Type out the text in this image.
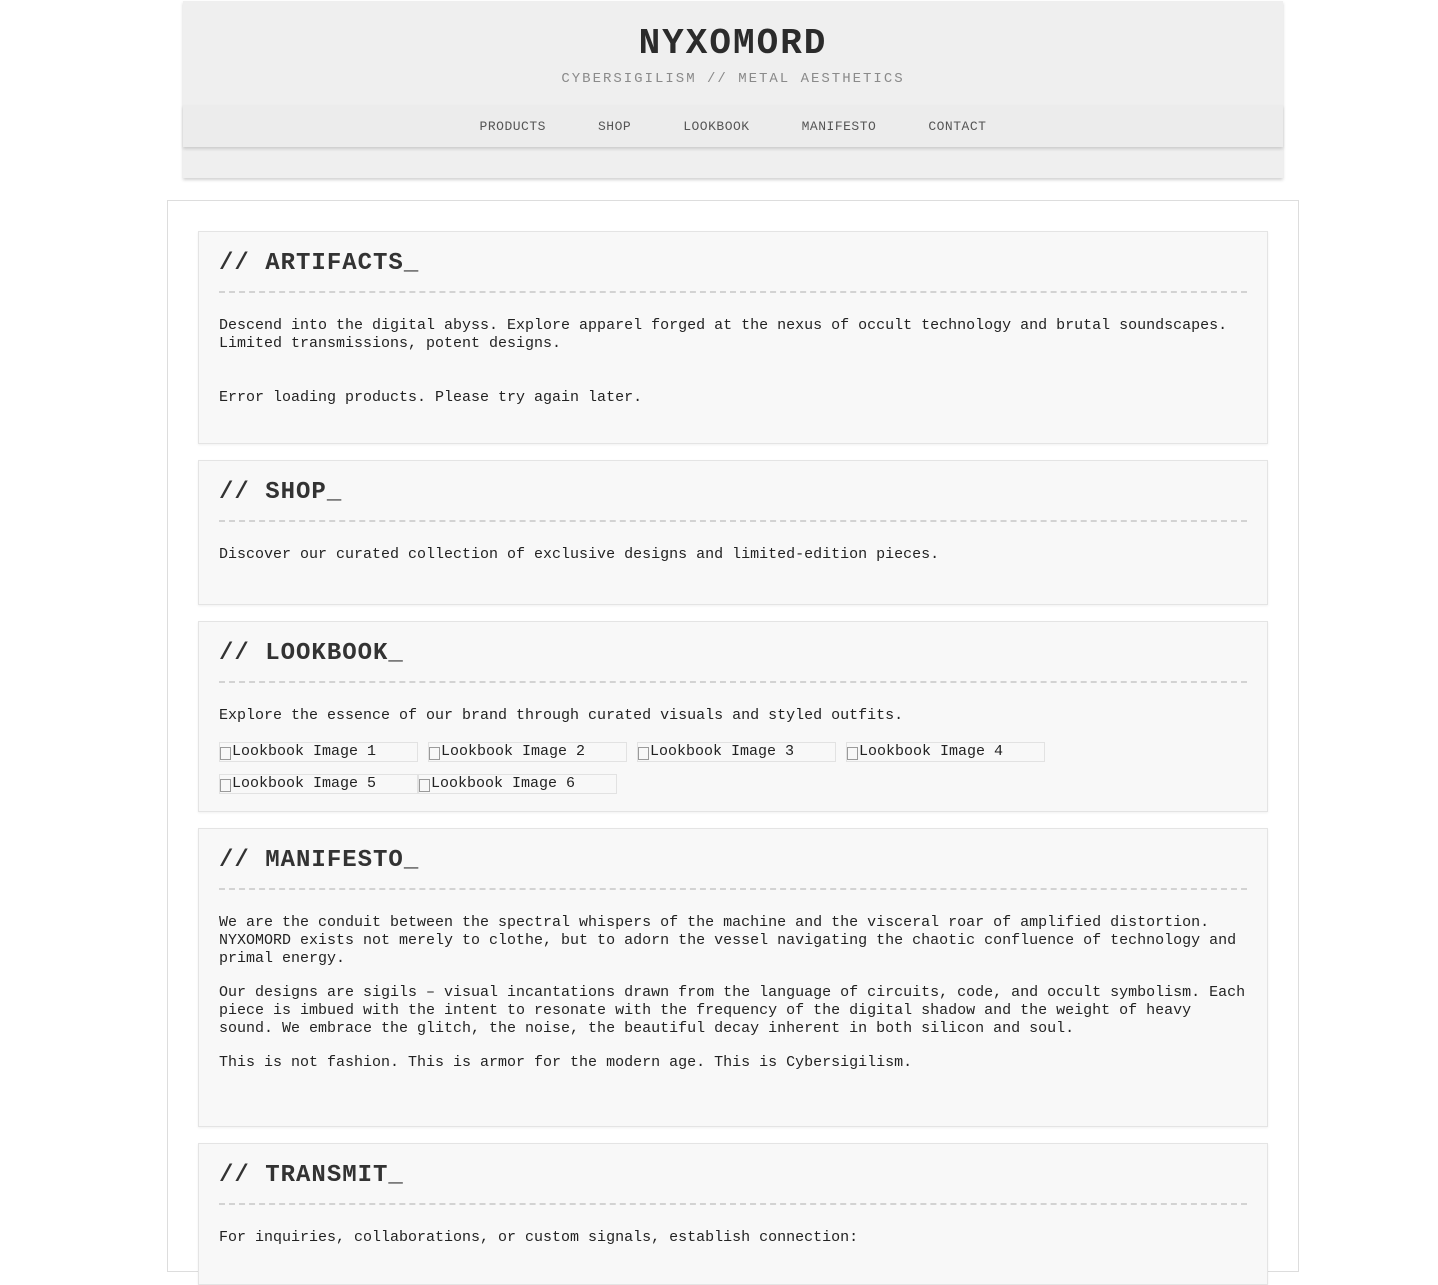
NYXOMORD
CYBERSIGILISM // METAL AESTHETICS
PRODUCTS	SHOP	LOOKBOOK	MANIFESTO	CONTACT
// ARTIFACTS_

Descend into the digital abyss. Explore apparel forged at the nexus of occult technology and brutal soundscapes. Limited transmissions, potent designs.

Error loading products. Please try again later.

// SHOP_

Discover our curated collection of exclusive designs and limited-edition pieces.

// LOOKBOOK_

Explore the essence of our brand through curated visuals and styled outfits.

Lookbook Image 1	Lookbook Image 2	Lookbook Image 3	Lookbook Image 4
Lookbook Image 5	Lookbook Image 6
// MANIFESTO_

We are the conduit between the spectral whispers of the machine and the visceral roar of amplified distortion. NYXOMORD exists not merely to clothe, but to adorn the vessel navigating the chaotic confluence of technology and primal energy.

Our designs are sigils – visual incantations drawn from the language of circuits, code, and occult symbolism. Each piece is imbued with the intent to resonate with the frequency of the digital shadow and the weight of heavy sound. We embrace the glitch, the noise, the beautiful decay inherent in both silicon and soul.

This is not fashion. This is armor for the modern age. This is Cybersigilism.

// TRANSMIT_

For inquiries, collaborations, or custom signals, establish connection:
